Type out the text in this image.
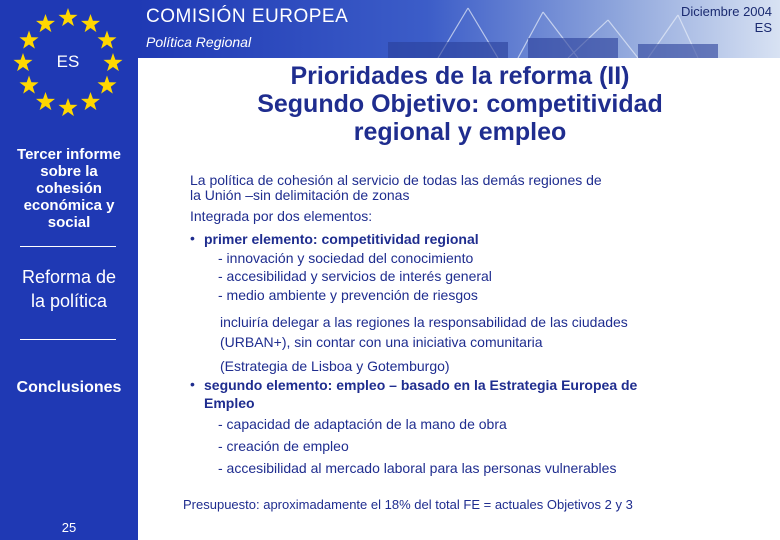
ES
Tercer informe
sobre la
cohesión
económica y
social
Reforma de
la política
Conclusiones
25
COMISIÓN EUROPEA
Política Regional
Diciembre 2004
ES
Prioridades de la reforma (II)
Segundo Objetivo: competitividad
regional y empleo
La política de cohesión al servicio de todas las demás regiones de
la Unión –sin delimitación de zonas
Integrada por dos elementos:
• primer elemento: competitividad regional
- innovación y sociedad del conocimiento
- accesibilidad y servicios de interés general
- medio ambiente y prevención de riesgos
incluiría delegar a las regiones la responsabilidad de las ciudades
(URBAN+), sin contar con una iniciativa comunitaria
(Estrategia de Lisboa y Gotemburgo)
• segundo elemento: empleo – basado en la Estrategia Europea de
Empleo
- capacidad de adaptación de la mano de obra
- creación de empleo
- accesibilidad al mercado laboral para las personas vulnerables
Presupuesto: aproximadamente el 18% del total FE = actuales Objetivos 2 y 3
